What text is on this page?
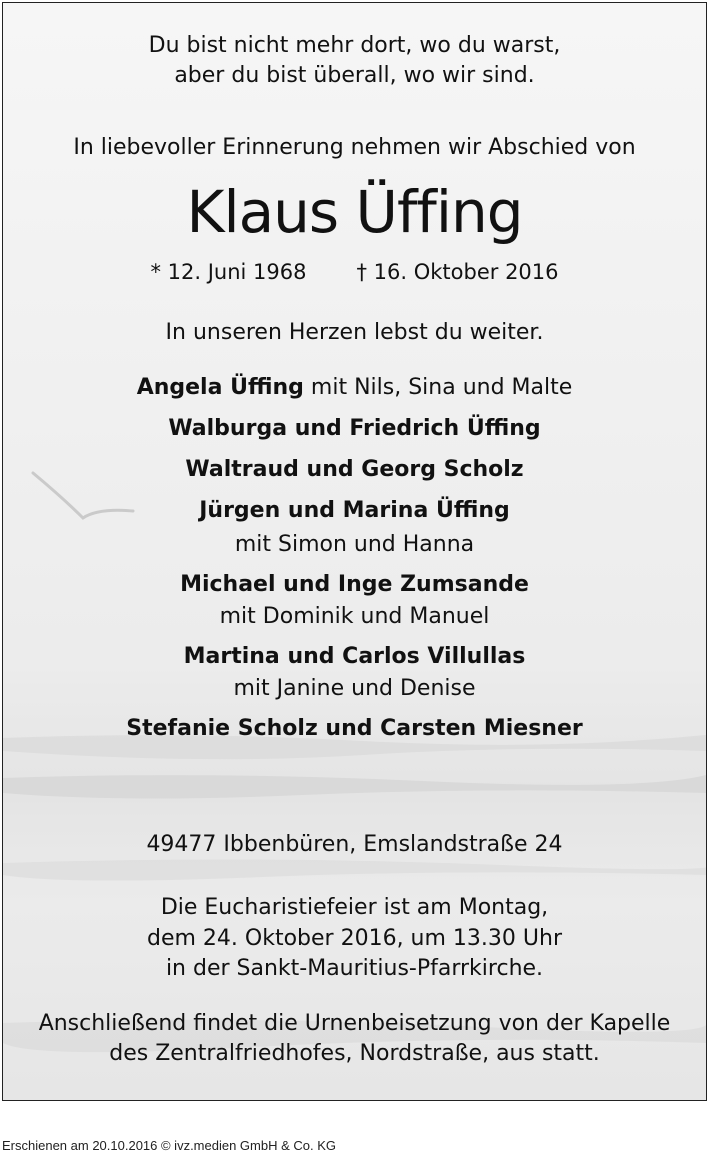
Du bist nicht mehr dort, wo du warst,
aber du bist überall, wo wir sind.
In liebevoller Erinnerung nehmen wir Abschied von
Klaus Üffing
* 12. Juni 1968 † 16. Oktober 2016
In unseren Herzen lebst du weiter.
Angela Üffing mit Nils, Sina und Malte
Walburga und Friedrich Üffing
Waltraud und Georg Scholz
Jürgen und Marina Üffing
mit Simon und Hanna
Michael und Inge Zumsande
mit Dominik und Manuel
Martina und Carlos Villullas
mit Janine und Denise
Stefanie Scholz und Carsten Miesner
49477 Ibbenbüren, Emslandstraße 24
Die Eucharistiefeier ist am Montag,
dem 24. Oktober 2016, um 13.30 Uhr
in der Sankt-Mauritius-Pfarrkirche.
Anschließend findet die Urnenbeisetzung von der Kapelle
des Zentralfriedhofes, Nordstraße, aus statt.
Erschienen am 20.10.2016 © ivz.medien GmbH & Co. KG
